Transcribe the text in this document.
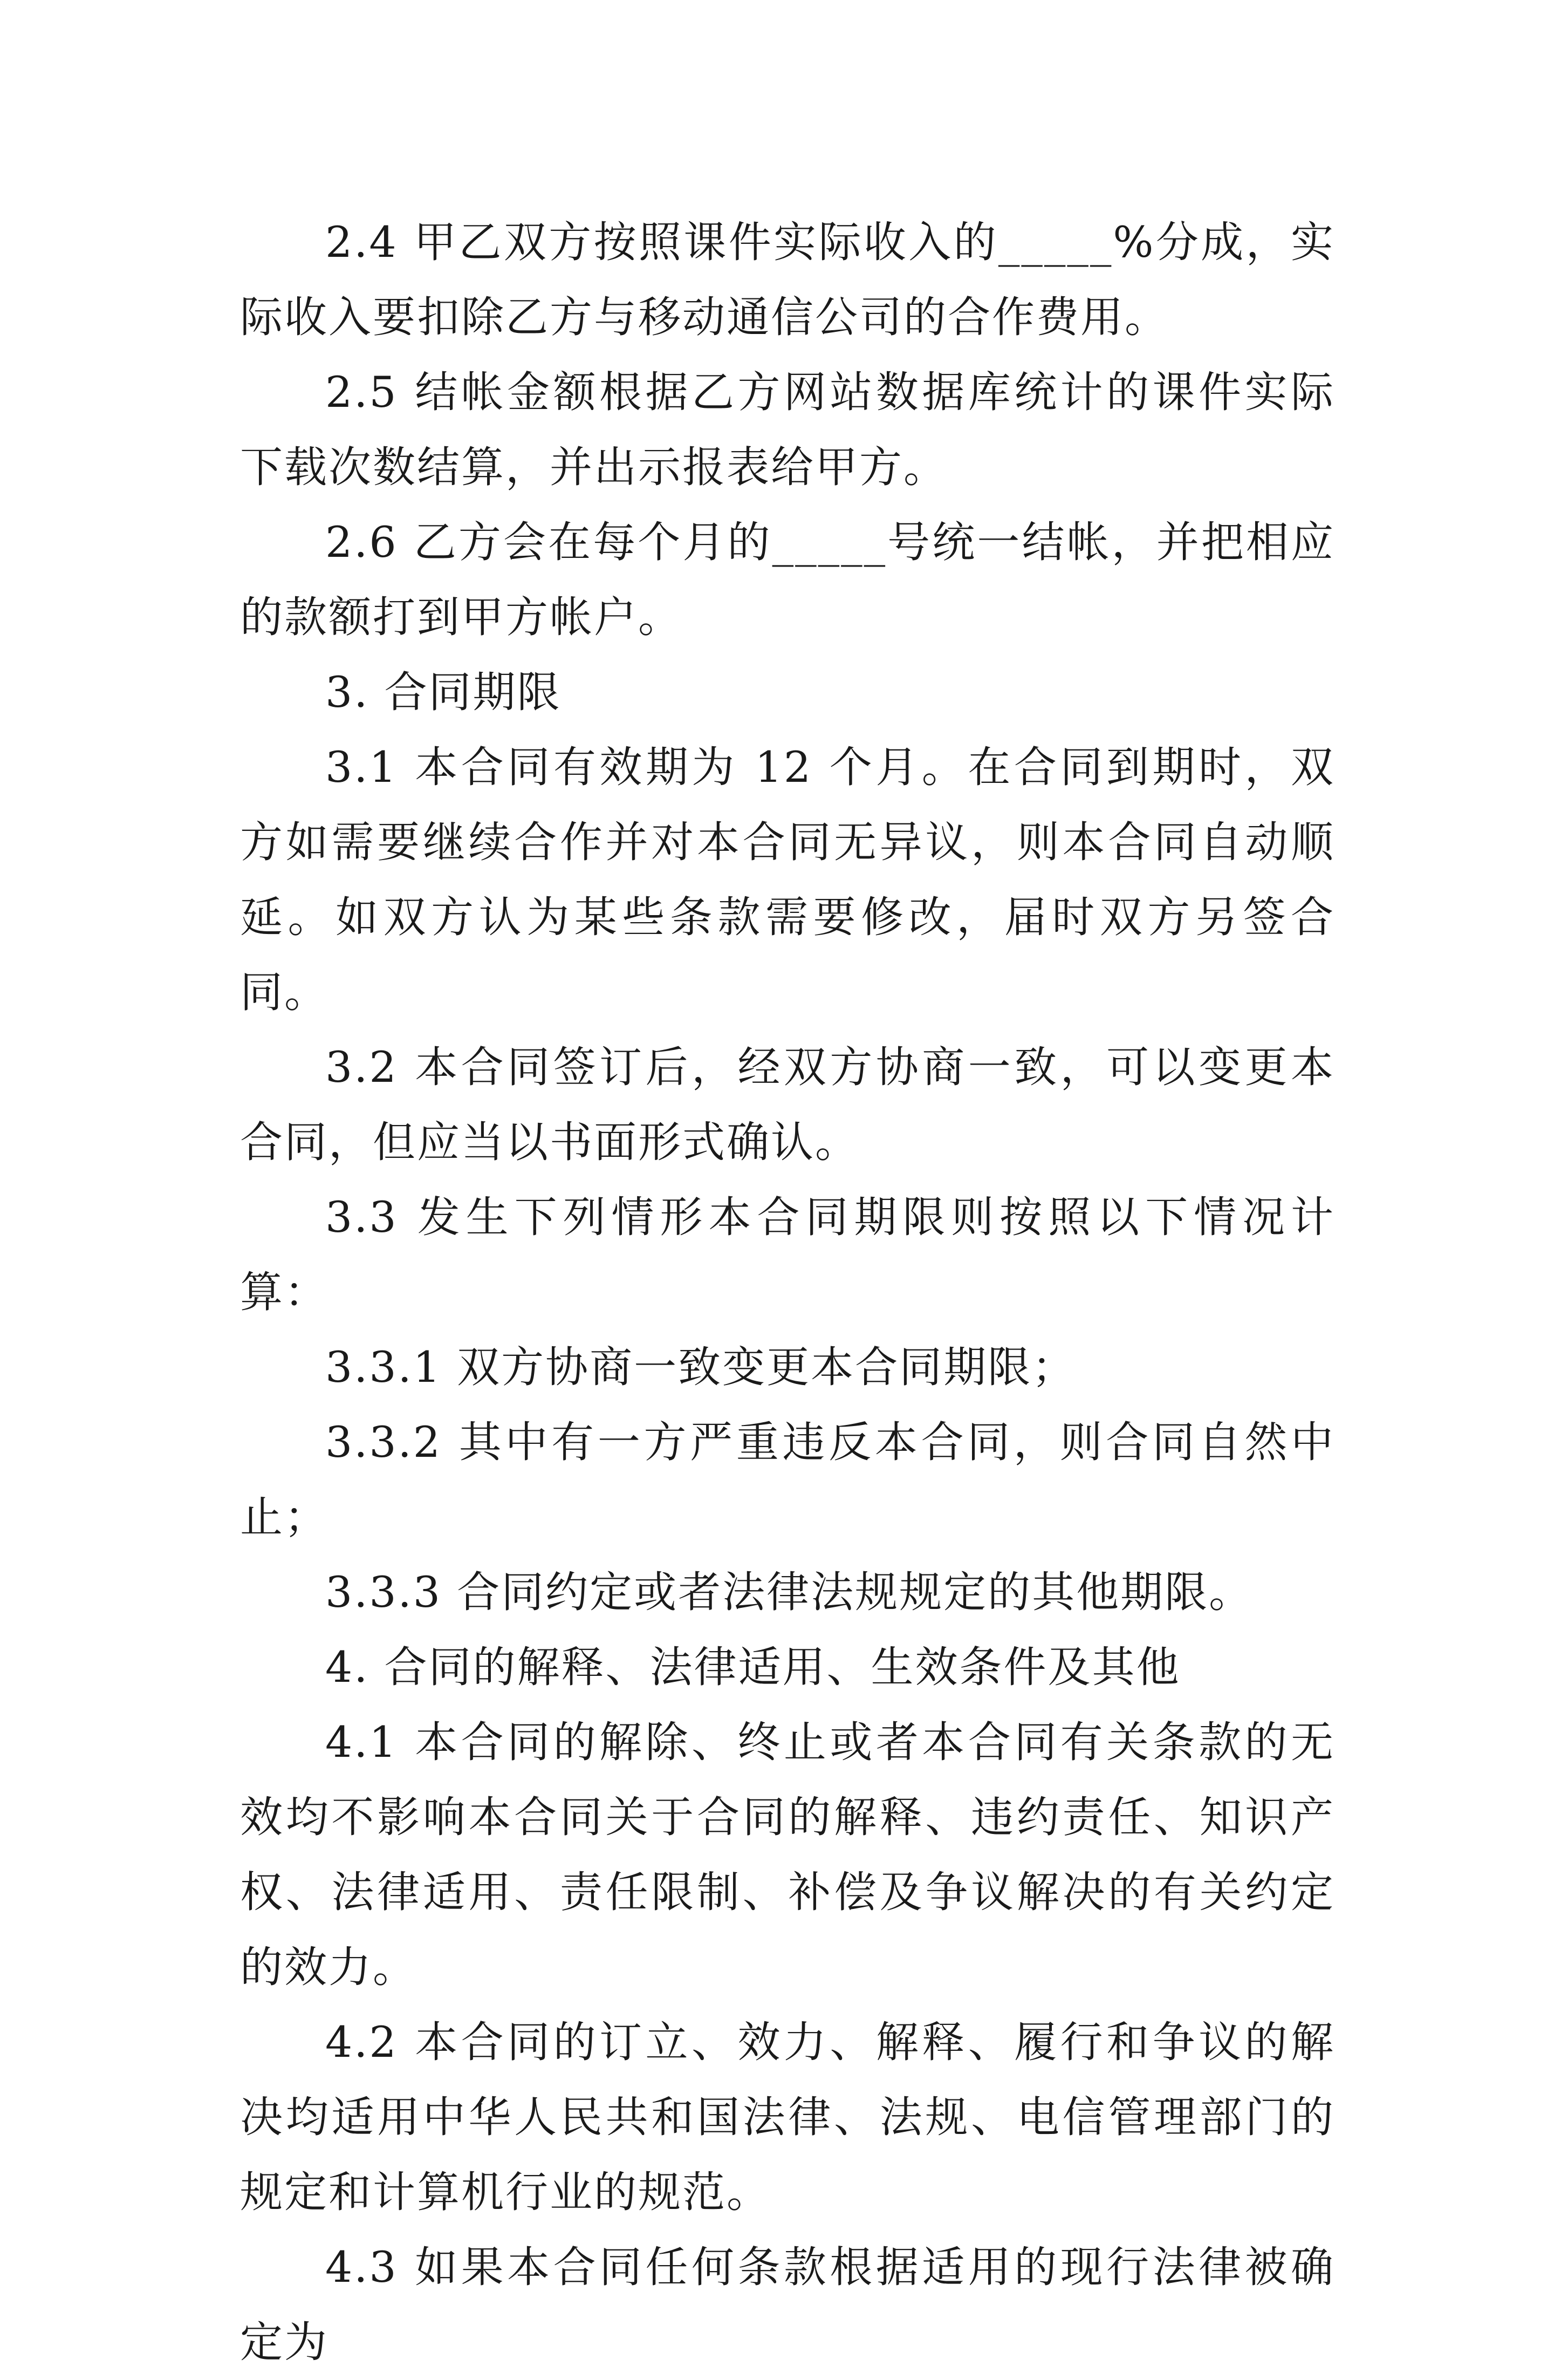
2.4 甲乙双方按照课件实际收入的_____%分成，实际收入要扣除乙方与移动通信公司的合作费用。

2.5 结帐金额根据乙方网站数据库统计的课件实际下载次数结算，并出示报表给甲方。

2.6 乙方会在每个月的_____号统一结帐，并把相应的款额打到甲方帐户。

3. 合同期限

3.1 本合同有效期为 12 个月。在合同到期时，双方如需要继续合作并对本合同无异议，则本合同自动顺延。如双方认为某些条款需要修改，届时双方另签合同。

3.2 本合同签订后，经双方协商一致，可以变更本合同，但应当以书面形式确认。

3.3 发生下列情形本合同期限则按照以下情况计算：

3.3.1 双方协商一致变更本合同期限；

3.3.2 其中有一方严重违反本合同，则合同自然中止；

3.3.3 合同约定或者法律法规规定的其他期限。

4. 合同的解释、法律适用、生效条件及其他

4.1 本合同的解除、终止或者本合同有关条款的无效均不影响本合同关于合同的解释、违约责任、知识产权、法律适用、责任限制、补偿及争议解决的有关约定的效力。

4.2 本合同的订立、效力、解释、履行和争议的解决均适用中华人民共和国法律、法规、电信管理部门的规定和计算机行业的规范。

4.3 如果本合同任何条款根据适用的现行法律被确定为
